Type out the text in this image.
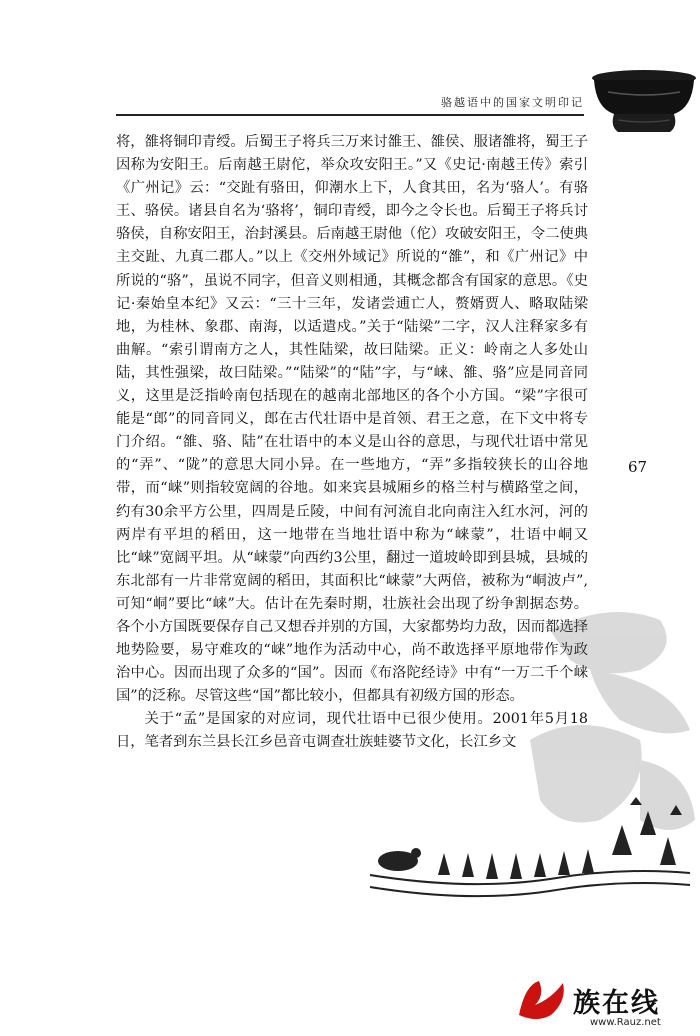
骆越语中的国家文明印记

将，雒将铜印青绶。后蜀王子将兵三万来讨雒王、雒侯、服诸雒将，蜀王子因称为安阳王。后南越王尉佗，举众攻安阳王。”又《史记·南越王传》索引《广州记》云：“交趾有骆田，仰潮水上下，人食其田，名为‘骆人’。有骆王、骆侯。诸县自名为‘骆将’，铜印青绶，即今之令长也。后蜀王子将兵讨骆侯，自称安阳王，治封溪县。后南越王尉他（佗）攻破安阳王，令二使典主交趾、九真二郡人。”以上《交州外域记》所说的“雒”，和《广州记》中所说的“骆”，虽说不同字，但音义则相通，其概念都含有国家的意思。《史记·秦始皇本纪》又云：“三十三年，发诸尝逋亡人，赘婿贾人、略取陆梁地，为桂林、象郡、南海，以适遣戍。”关于“陆梁”二字，汉人注释家多有曲解。“索引谓南方之人，其性陆梁，故曰陆梁。正义：岭南之人多处山陆，其性强梁，故曰陆梁。”“陆梁”的“陆”字，与“崃、雒、骆”应是同音同义，这里是泛指岭南包括现在的越南北部地区的各个小方国。“梁”字很可能是“郎”的同音同义，郎在古代壮语中是首领、君王之意，在下文中将专门介绍。“雒、骆、陆”在壮语中的本义是山谷的意思，与现代壮语中常见的“弄”、“陇”的意思大同小异。在一些地方，“弄”多指较狭长的山谷地带，而“崃”则指较宽阔的谷地。如来宾县城厢乡的格兰村与横路堂之间，约有30余平方公里，四周是丘陵，中间有河流自北向南注入红水河，河的两岸有平坦的稻田，这一地带在当地壮语中称为“崃蒙”，壮语中峒又比“崃”宽阔平坦。从“崃蒙”向西约3公里，翻过一道坡岭即到县城，县城的东北部有一片非常宽阔的稻田，其面积比“崃蒙”大两倍，被称为“峒波卢”,可知“峒”要比“崃”大。估计在先秦时期，壮族社会出现了纷争割据态势。各个小方国既要保存自己又想吞并别的方国，大家都势均力敌，因而都选择地势险要，易守难攻的“崃”地作为活动中心，尚不敢选择平原地带作为政治中心。因而出现了众多的“国”。因而《布洛陀经诗》中有“一万二千个崃国”的泛称。尽管这些“国”都比较小，但都具有初级方国的形态。

关于“孟”是国家的对应词，现代壮语中已很少使用。2001年5月18日，笔者到东兰县长江乡邑音屯调查壮族蛙婆节文化，长江乡文

67
族在线
www.Rauz.net
